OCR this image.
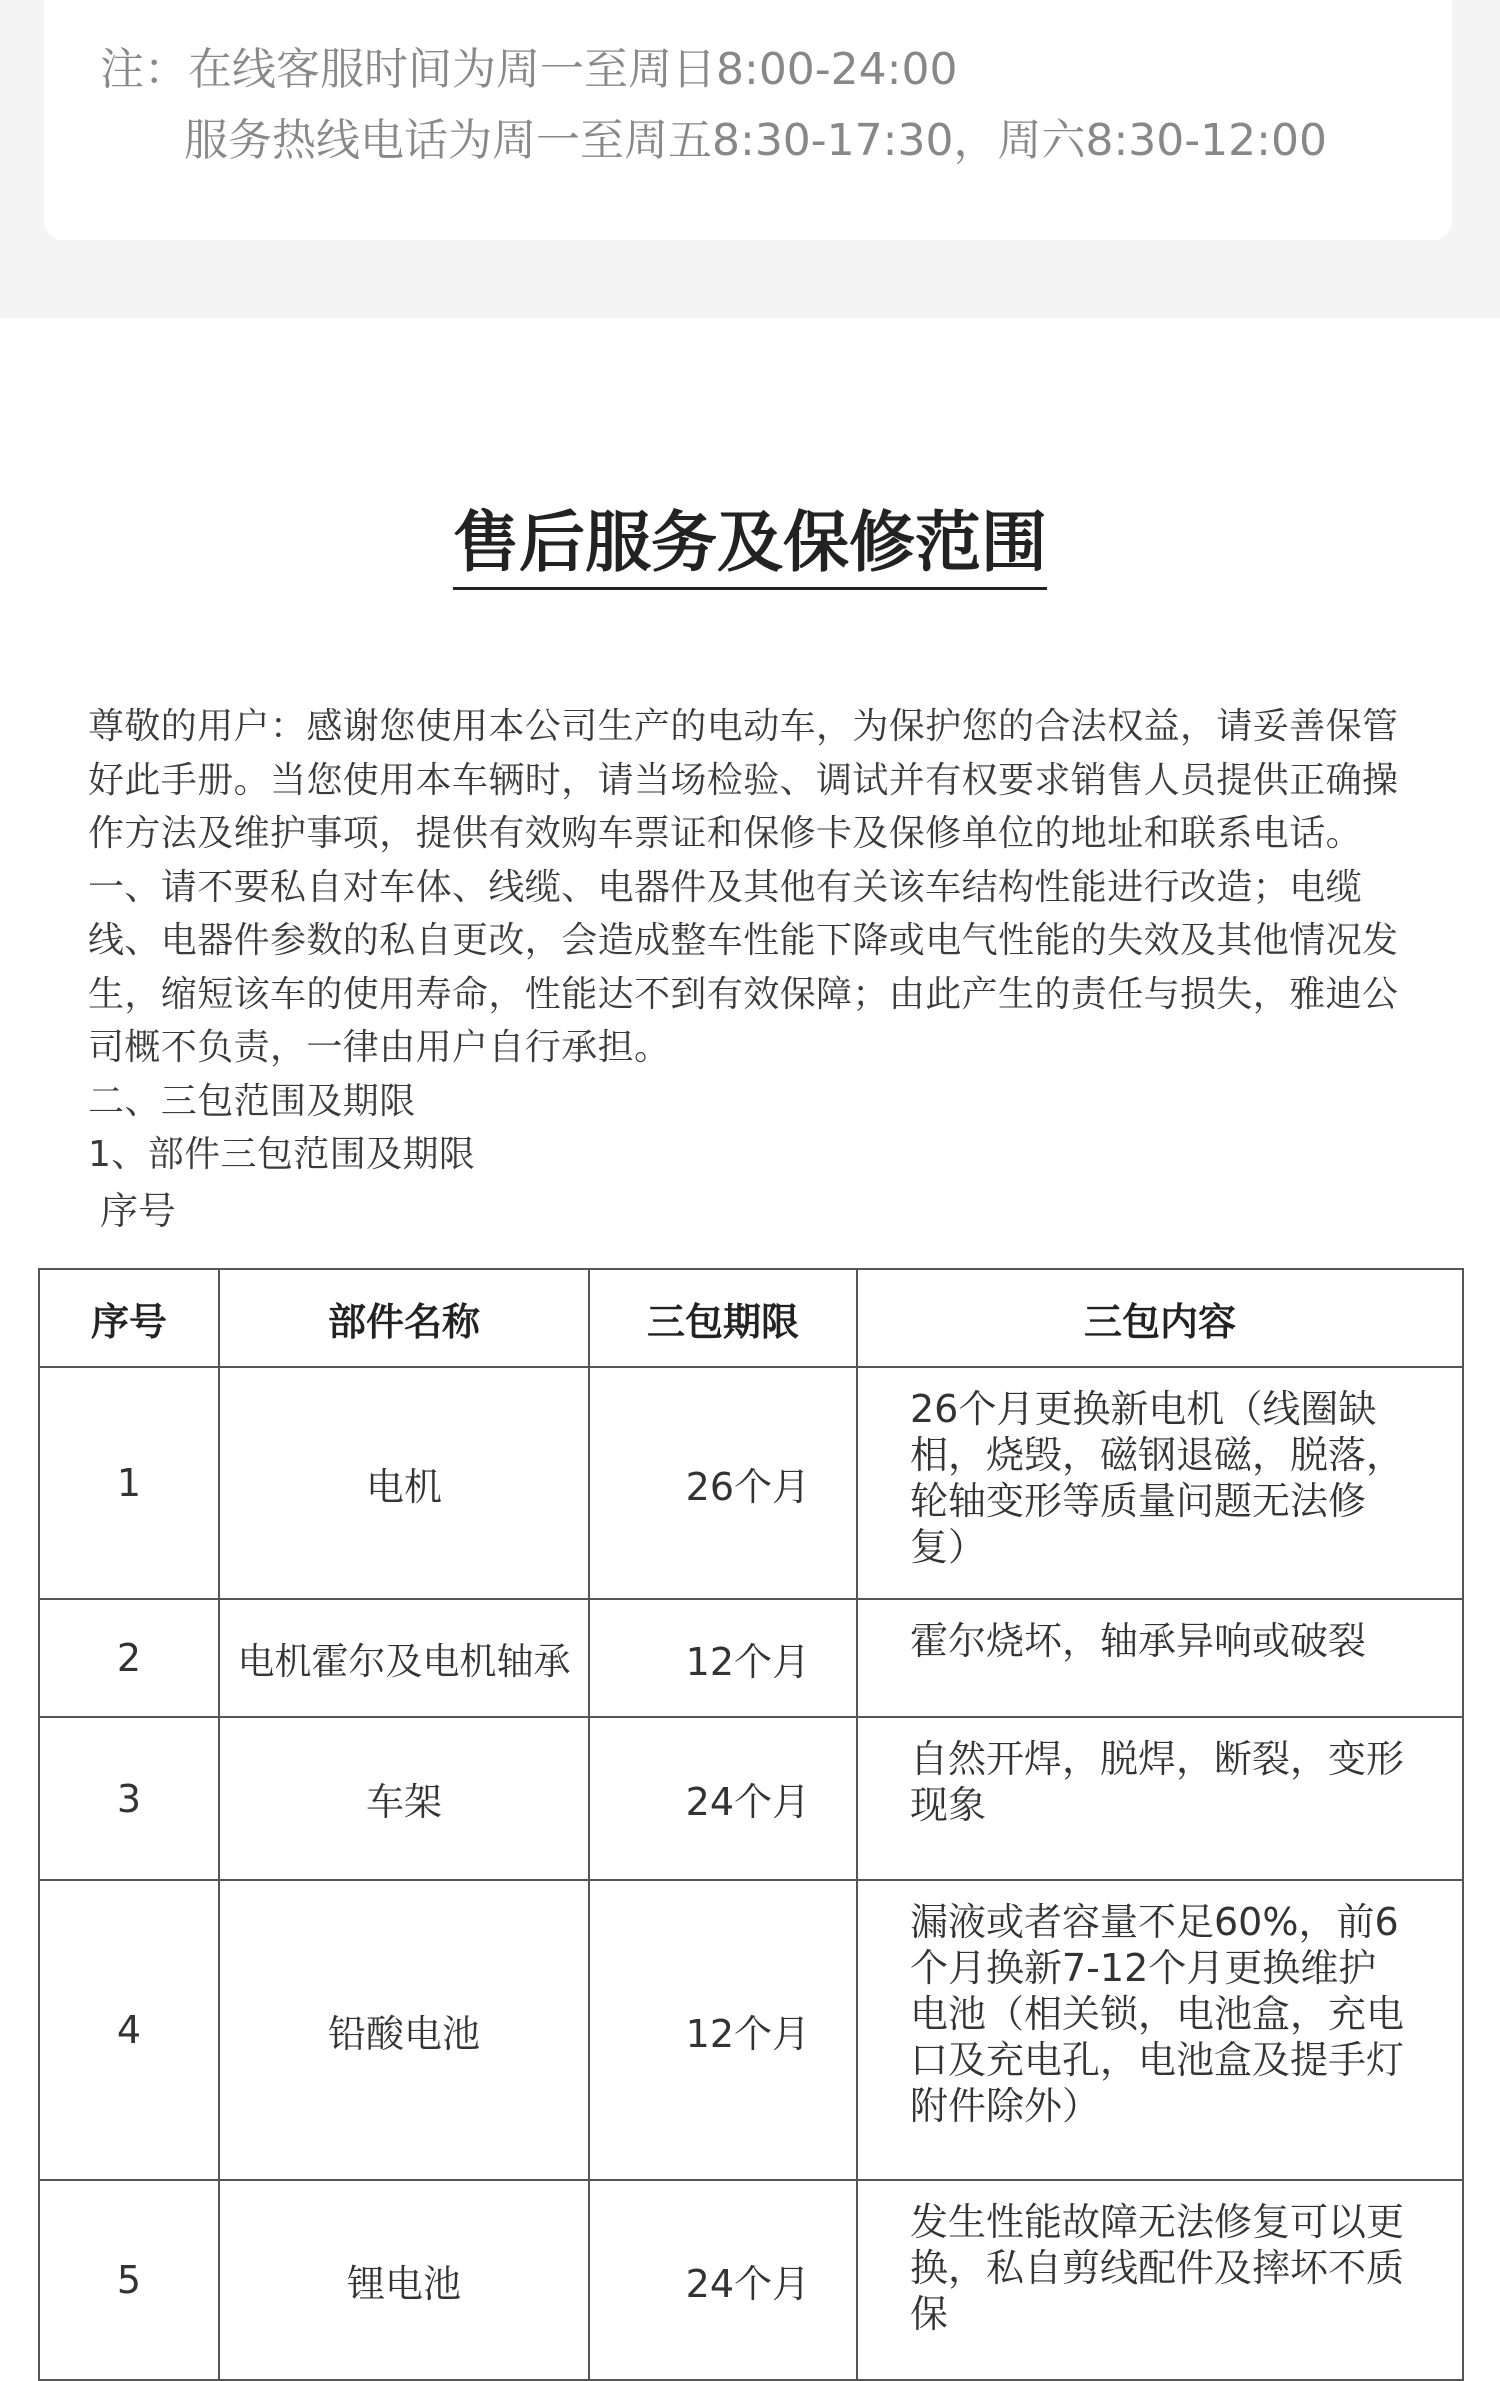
注：在线客服时间为周一至周日8:00-24:00
服务热线电话为周一至周五8:30-17:30，周六8:30-12:00
售后服务及保修范围

尊敬的用户：感谢您使用本公司生产的电动车，为保护您的合法权益，请妥善保管好此手册。当您使用本车辆时，请当场检验、调试并有权要求销售人员提供正确操作方法及维护事项，提供有效购车票证和保修卡及保修单位的地址和联系电话。

一、请不要私自对车体、线缆、电器件及其他有关该车结构性能进行改造；电缆线、电器件参数的私自更改，会造成整车性能下降或电气性能的失效及其他情况发生，缩短该车的使用寿命，性能达不到有效保障；由此产生的责任与损失，雅迪公司概不负责，一律由用户自行承担。

二、三包范围及期限

1、部件三包范围及期限

序号
序号	部件名称	三包期限	三包内容
1	电机	26个月	26个月更换新电机（线圈缺相，烧毁，磁钢退磁，脱落，轮轴变形等质量问题无法修复）
2	电机霍尔及电机轴承	12个月	霍尔烧坏，轴承异响或破裂
3	车架	24个月	自然开焊，脱焊，断裂，变形现象
4	铅酸电池	12个月	漏液或者容量不足60%，前6个月换新7-12个月更换维护电池（相关锁，电池盒，充电口及充电孔，电池盒及提手灯附件除外）
5	锂电池	24个月	发生性能故障无法修复可以更换，私自剪线配件及摔坏不质保
